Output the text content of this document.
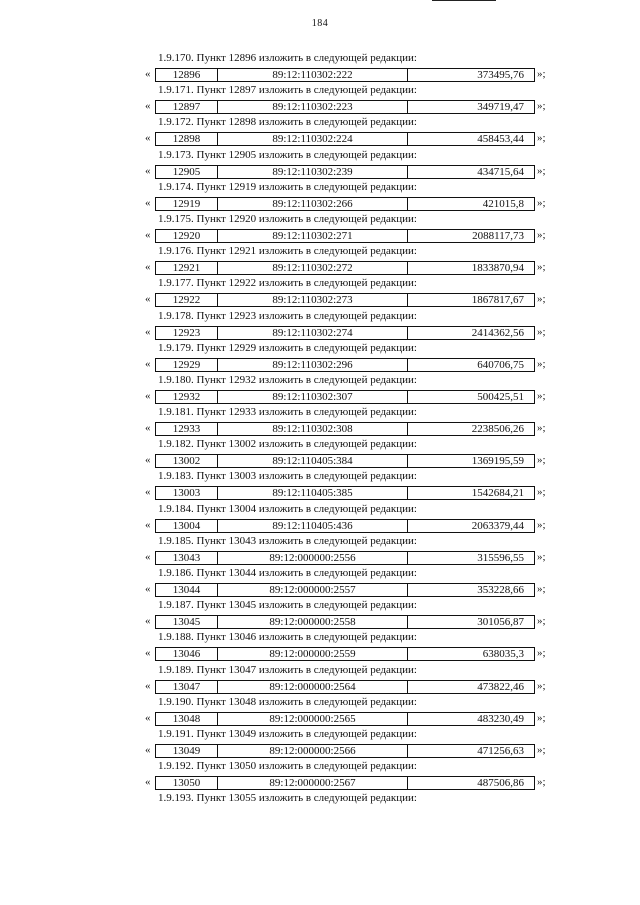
184
1.9.170. Пункт 12896 изложить в следующей редакции:
«	12896	89:12:110302:222	373495,76	»;
1.9.171. Пункт 12897 изложить в следующей редакции:
«	12897	89:12:110302:223	349719,47	»;
1.9.172. Пункт 12898 изложить в следующей редакции:
«	12898	89:12:110302:224	458453,44	»;
1.9.173. Пункт 12905 изложить в следующей редакции:
«	12905	89:12:110302:239	434715,64	»;
1.9.174. Пункт 12919 изложить в следующей редакции:
«	12919	89:12:110302:266	421015,8	»;
1.9.175. Пункт 12920 изложить в следующей редакции:
«	12920	89:12:110302:271	2088117,73	»;
1.9.176. Пункт 12921 изложить в следующей редакции:
«	12921	89:12:110302:272	1833870,94	»;
1.9.177. Пункт 12922 изложить в следующей редакции:
«	12922	89:12:110302:273	1867817,67	»;
1.9.178. Пункт 12923 изложить в следующей редакции:
«	12923	89:12:110302:274	2414362,56	»;
1.9.179. Пункт 12929 изложить в следующей редакции:
«	12929	89:12:110302:296	640706,75	»;
1.9.180. Пункт 12932 изложить в следующей редакции:
«	12932	89:12:110302:307	500425,51	»;
1.9.181. Пункт 12933 изложить в следующей редакции:
«	12933	89:12:110302:308	2238506,26	»;
1.9.182. Пункт 13002 изложить в следующей редакции:
«	13002	89:12:110405:384	1369195,59	»;
1.9.183. Пункт 13003 изложить в следующей редакции:
«	13003	89:12:110405:385	1542684,21	»;
1.9.184. Пункт 13004 изложить в следующей редакции:
«	13004	89:12:110405:436	2063379,44	»;
1.9.185. Пункт 13043 изложить в следующей редакции:
«	13043	89:12:000000:2556	315596,55	»;
1.9.186. Пункт 13044 изложить в следующей редакции:
«	13044	89:12:000000:2557	353228,66	»;
1.9.187. Пункт 13045 изложить в следующей редакции:
«	13045	89:12:000000:2558	301056,87	»;
1.9.188. Пункт 13046 изложить в следующей редакции:
«	13046	89:12:000000:2559	638035,3	»;
1.9.189. Пункт 13047 изложить в следующей редакции:
«	13047	89:12:000000:2564	473822,46	»;
1.9.190. Пункт 13048 изложить в следующей редакции:
«	13048	89:12:000000:2565	483230,49	»;
1.9.191. Пункт 13049 изложить в следующей редакции:
«	13049	89:12:000000:2566	471256,63	»;
1.9.192. Пункт 13050 изложить в следующей редакции:
«	13050	89:12:000000:2567	487506,86	»;
1.9.193. Пункт 13055 изложить в следующей редакции:
